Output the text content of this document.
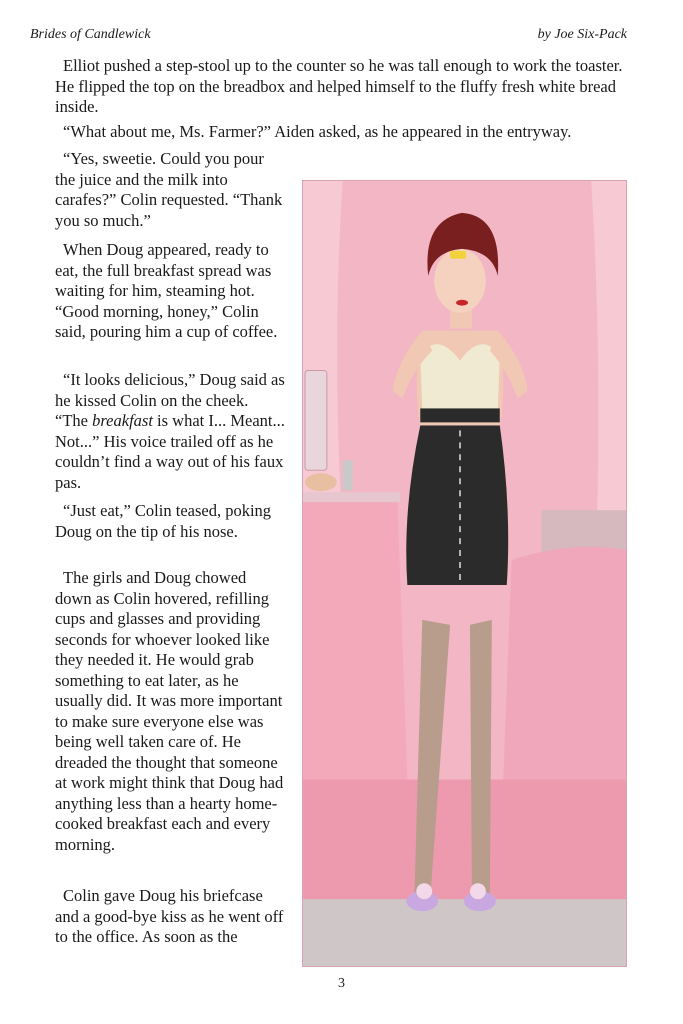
Brides of Candlewick	by Joe Six-Pack

Elliot pushed a step-stool up to the counter so he was tall enough to work the toaster. He flipped the top on the breadbox and helped himself to the fluffy fresh white bread inside.

“What about me, Ms. Farmer?” Aiden asked, as he appeared in the entryway.

“Yes, sweetie. Could you pour the juice and the milk into carafes?” Colin requested. “Thank you so much.”

When Doug appeared, ready to eat, the full breakfast spread was waiting for him, steaming hot. “Good morning, honey,” Colin said, pouring him a cup of coffee.

“It looks delicious,” Doug said as he kissed Colin on the cheek. “The breakfast is what I... Meant... Not...” His voice trailed off as he couldn’t find a way out of his faux pas.

“Just eat,” Colin teased, poking Doug on the tip of his nose.

The girls and Doug chowed down as Colin hovered, refilling cups and glasses and providing seconds for whoever looked like they needed it. He would grab something to eat later, as he usually did. It was more important to make sure everyone else was being well taken care of. He dreaded the thought that someone at work might think that Doug had anything less than a hearty home-cooked breakfast each and every morning.

Colin gave Doug his briefcase and a good-bye kiss as he went off to the office. As soon as the

3
